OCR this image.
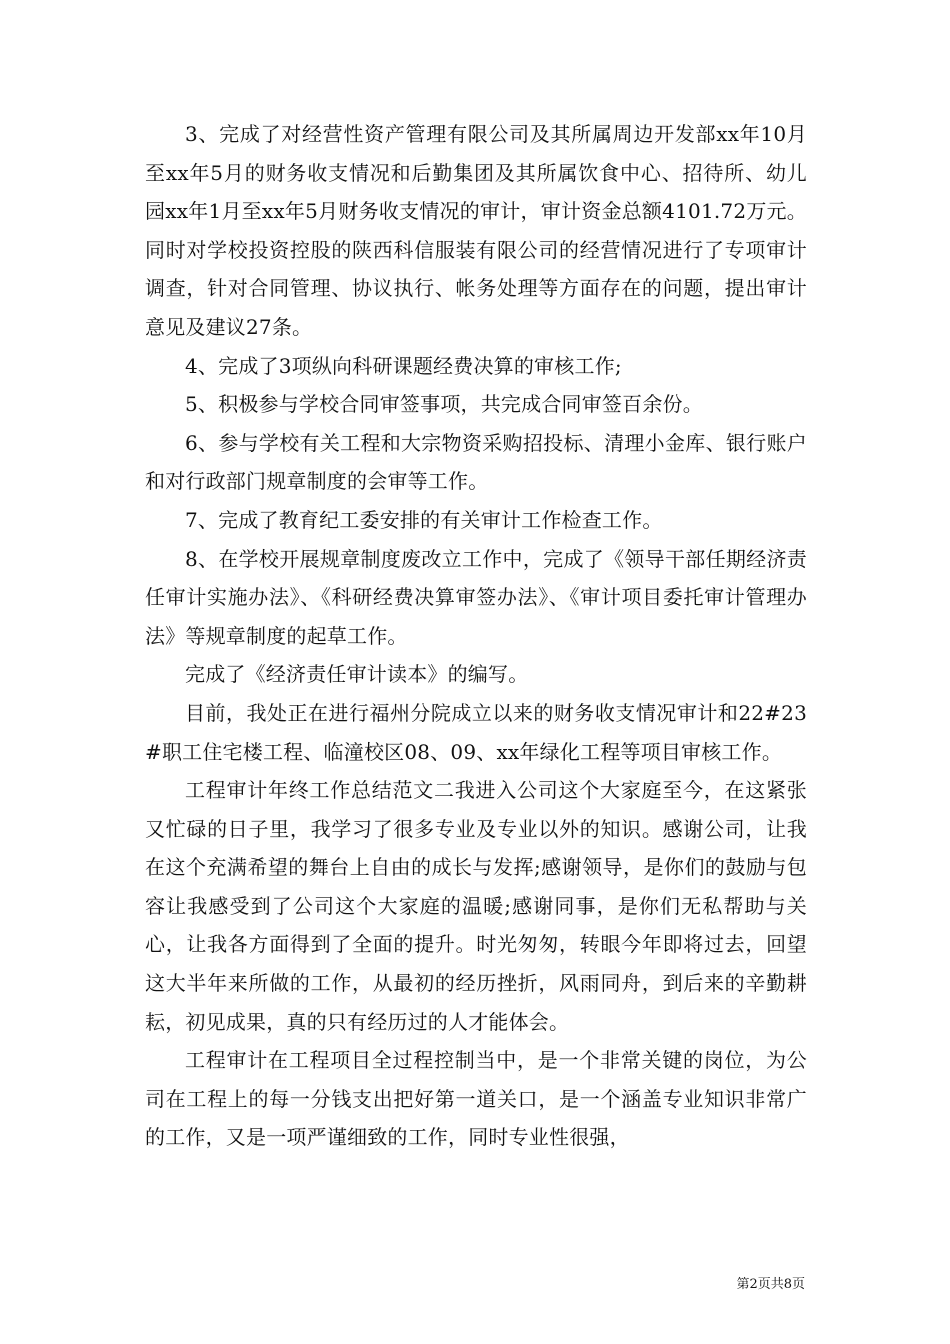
3、完成了对经营性资产管理有限公司及其所属周边开发部xx年10月至xx年5月的财务收支情况和后勤集团及其所属饮食中心、招待所、幼儿园xx年1月至xx年5月财务收支情况的审计，审计资金总额4101.72万元。同时对学校投资控股的陕西科信服装有限公司的经营情况进行了专项审计调查，针对合同管理、协议执行、帐务处理等方面存在的问题，提出审计意见及建议27条。

4、完成了3项纵向科研课题经费决算的审核工作;

5、积极参与学校合同审签事项，共完成合同审签百余份。

6、参与学校有关工程和大宗物资采购招投标、清理小金库、银行账户和对行政部门规章制度的会审等工作。

7、完成了教育纪工委安排的有关审计工作检查工作。

8、在学校开展规章制度废改立工作中，完成了《领导干部任期经济责任审计实施办法》、《科研经费决算审签办法》、《审计项目委托审计管理办法》等规章制度的起草工作。

完成了《经济责任审计读本》的编写。

目前，我处正在进行福州分院成立以来的财务收支情况审计和22#23#职工住宅楼工程、临潼校区08、09、xx年绿化工程等项目审核工作。

工程审计年终工作总结范文二我进入公司这个大家庭至今，在这紧张又忙碌的日子里，我学习了很多专业及专业以外的知识。感谢公司，让我在这个充满希望的舞台上自由的成长与发挥;感谢领导，是你们的鼓励与包容让我感受到了公司这个大家庭的温暖;感谢同事，是你们无私帮助与关心，让我各方面得到了全面的提升。时光匆匆，转眼今年即将过去，回望这大半年来所做的工作，从最初的经历挫折，风雨同舟，到后来的辛勤耕耘，初见成果，真的只有经历过的人才能体会。

工程审计在工程项目全过程控制当中，是一个非常关键的岗位，为公司在工程上的每一分钱支出把好第一道关口，是一个涵盖专业知识非常广的工作，又是一项严谨细致的工作，同时专业性很强，

第2页共8页
